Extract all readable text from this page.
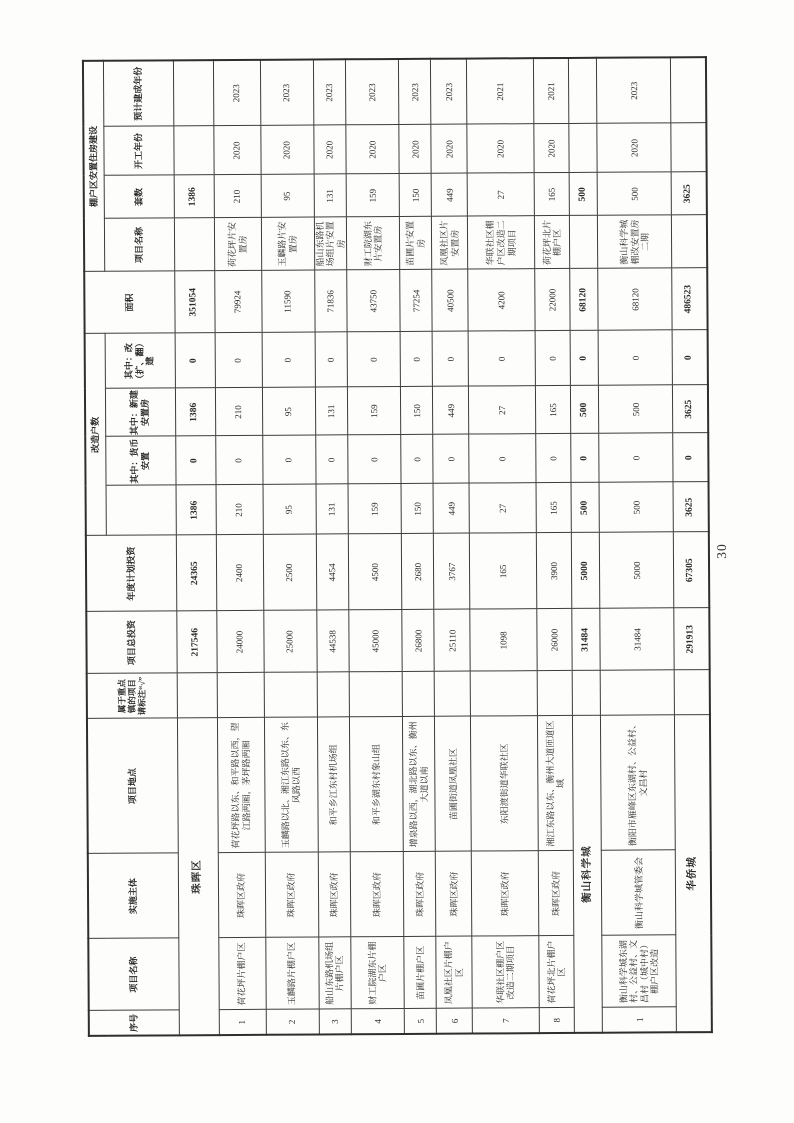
序号	项目名称	实施主体	项目地点	属于重点镇的项目请标注“√”	项目总投资	年度计划投资	改造户数				面积	棚户区安置住房建设			
								其中：货币安置	其中：新建安置房	其中：改（扩、翻）建		项目名称	套数	开工年份	预计建成年份
珠晖区					217546	24365	1386	0	1386	0	351054		1386		
1	荷花坪片棚户区	珠晖区政府	荷花坪路以东、和平路以西，望江路两厢，茅坪路两厢		24000	2400	210	0	210	0	79924	荷花坪片安置房	210	2020	2023
2	玉麟路片棚户区	珠晖区政府	玉麟路以北、湘江东路以东、东风路以西		25000	2500	95	0	95	0	11590	玉麟路片安置房	95	2020	2023
3	船山东路机场组片棚户区	珠晖区政府	和平乡江东村机场组		44538	4454	131	0	131	0	71836	船山东路机场组片安置房	131	2020	2023
4	财工院湖东片棚户区	珠晖区政府	和平乡湖东村象山组		45000	4500	159	0	159	0	43750	财工院湖东片安置房	159	2020	2023
5	苗圃片棚户区	珠晖区政府	增泉路以西，湖北路以东、衡州大道以南		26800	2680	150	0	150	0	77254	苗圃片安置房	150	2020	2023
6	凤凰社区片棚户区	珠晖区政府	苗圃街道凤凰社区		25110	3767	449	0	449	0	40500	凤凰社区片安置房	449	2020	2023
7	华联社区棚户区改造二期项目	珠晖区政府	东阳渡街道华联社区		1098	165	27	0	27	0	4200	华联社区棚户区改造二期项目	27	2020	2021
8	荷花坪北片棚户区	珠晖区政府	湘江东路以东、衡州大道匝道区域		26000	3900	165	0	165	0	22000	荷花坪北片棚户区	165	2020	2021
衡山科学城					31484	5000	500	0	500	0	68120		500		
1	衡山科学城东湖村、公益村、文昌村（城中村）棚户区改造	衡山科学城管委会	衡阳市雁峰区东湖村、公益村、文昌村		31484	5000	500	0	500	0	68120	衡山科学城棚改安置房二期	500	2020	2023
华侨城					291913	67305	3625	0	3625	0	486523		3625		
30
